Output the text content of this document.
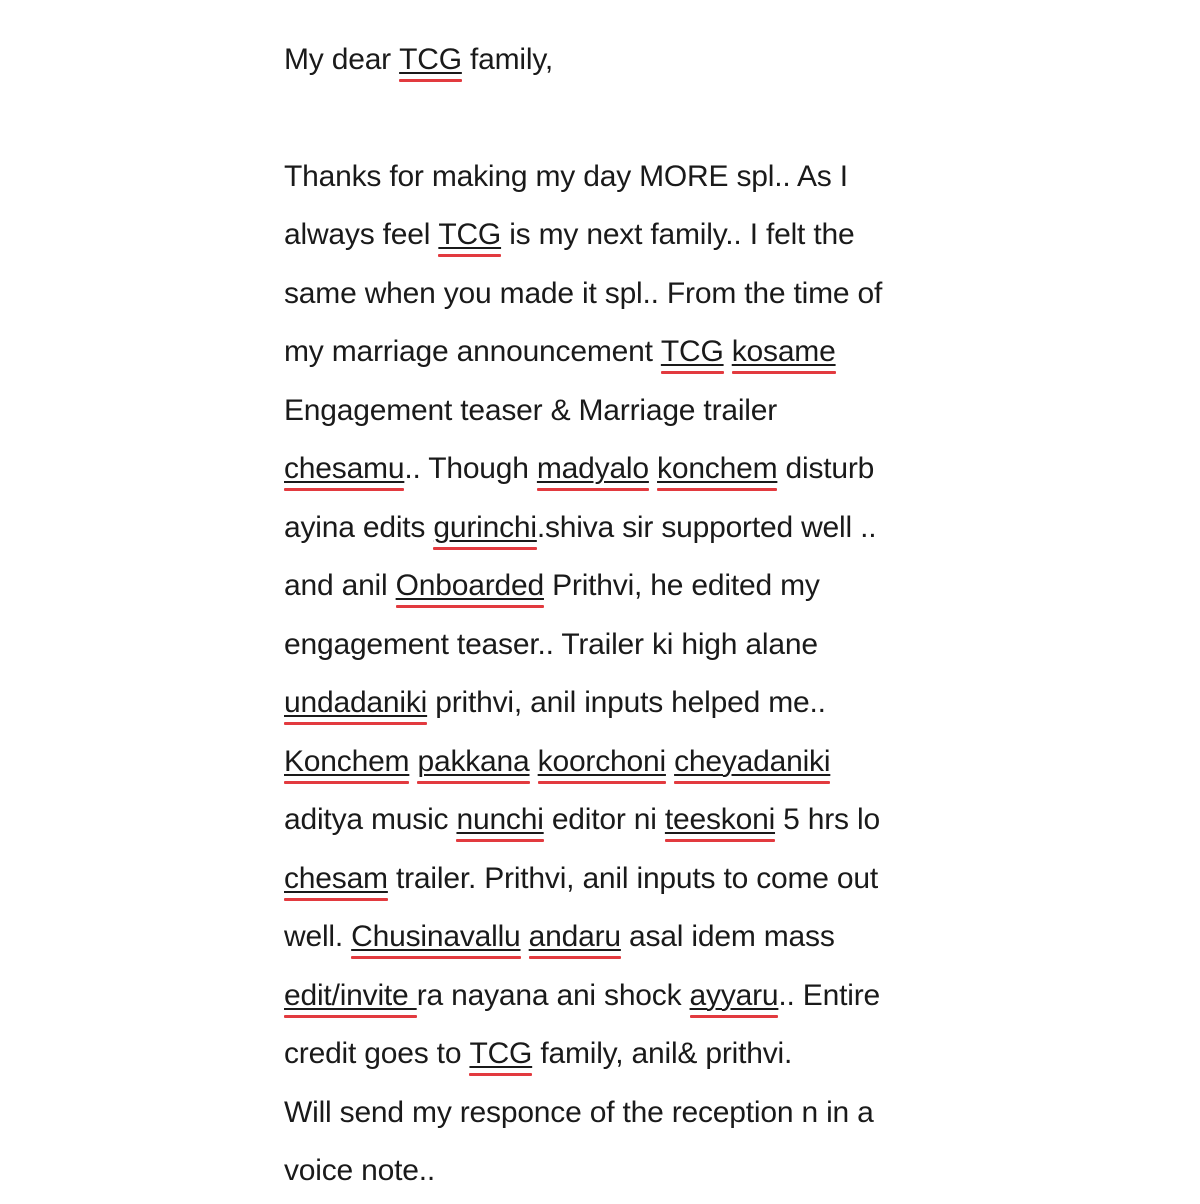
My dear TCG family,
Thanks for making my day MORE spl.. As I
always feel TCG is my next family.. I felt the
same when you made it spl.. From the time of
my marriage announcement TCG kosame
Engagement teaser & Marriage trailer
chesamu.. Though madyalo konchem disturb
ayina edits gurinchi.shiva sir supported well ..
and anil Onboarded Prithvi, he edited my
engagement teaser.. Trailer ki high alane
undadaniki prithvi, anil inputs helped me..
Konchem pakkana koorchoni cheyadaniki
aditya music nunchi editor ni teeskoni 5 hrs lo
chesam trailer. Prithvi, anil inputs to come out
well. Chusinavallu andaru asal idem mass
edit/invite ra nayana ani shock ayyaru.. Entire
credit goes to TCG family, anil& prithvi.
Will send my responce of the reception n in a
voice note..
